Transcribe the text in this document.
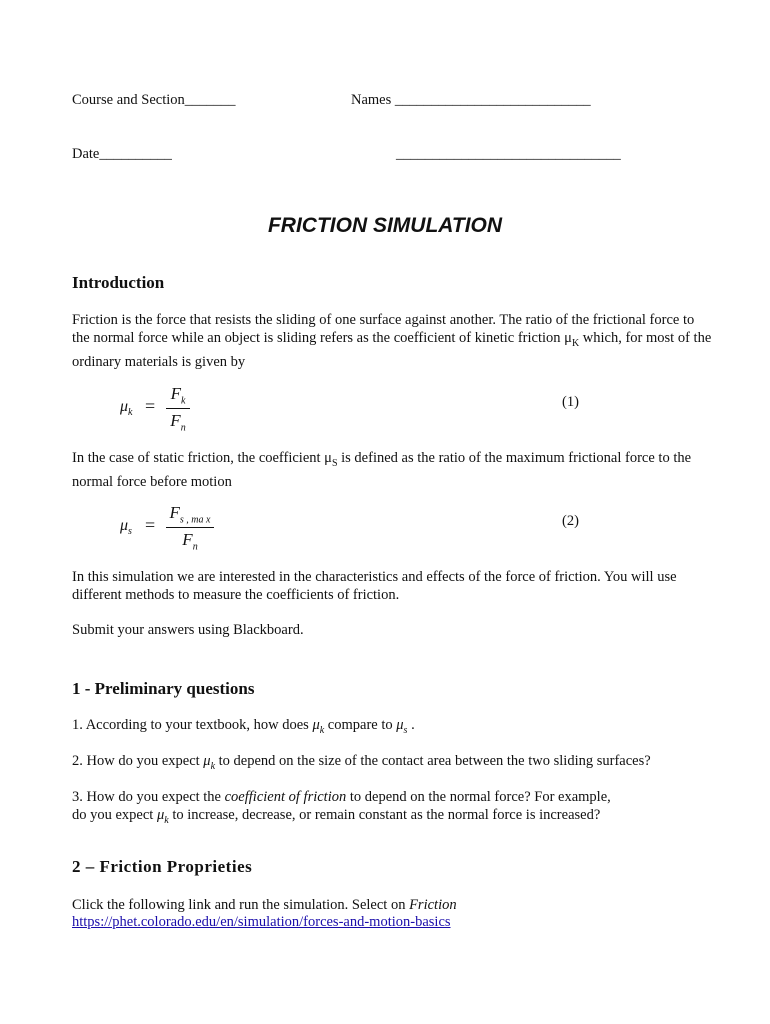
Course and Section_______	Names ___________________________
Date__________	_______________________________
FRICTION SIMULATION
Introduction
Friction is the force that resists the sliding of one surface against another. The ratio of the frictional force to the normal force while an object is sliding refers as the coefficient of kinetic friction $\mu_K$ which, for most of the ordinary materials is given by
$\mu_k$ =
$F_k$
$F_n$
(1)
In the case of static friction, the coefficient $\mu_S$ is defined as the ratio of the maximum frictional force to the normal force before motion
$\mu_s$ =
$F_{s , ma x}$
$F_n$
(2)
In this simulation we are interested in the characteristics and effects of the force of friction. You will use different methods to measure the coefficients of friction.
Submit your answers using Blackboard.
1 - Preliminary questions
1. According to your textbook, how does $\mu_k$ compare to $\mu_s$ .
2. How do you expect $\mu_k$ to depend on the size of the contact area between the two sliding surfaces?
3. How do you expect the coefficient of friction to depend on the normal force? For example,
do you expect $\mu_k$ to increase, decrease, or remain constant as the normal force is increased?
2 – Friction Proprieties
Click the following link and run the simulation. Select on Friction
https://phet.colorado.edu/en/simulation/forces-and-motion-basics
